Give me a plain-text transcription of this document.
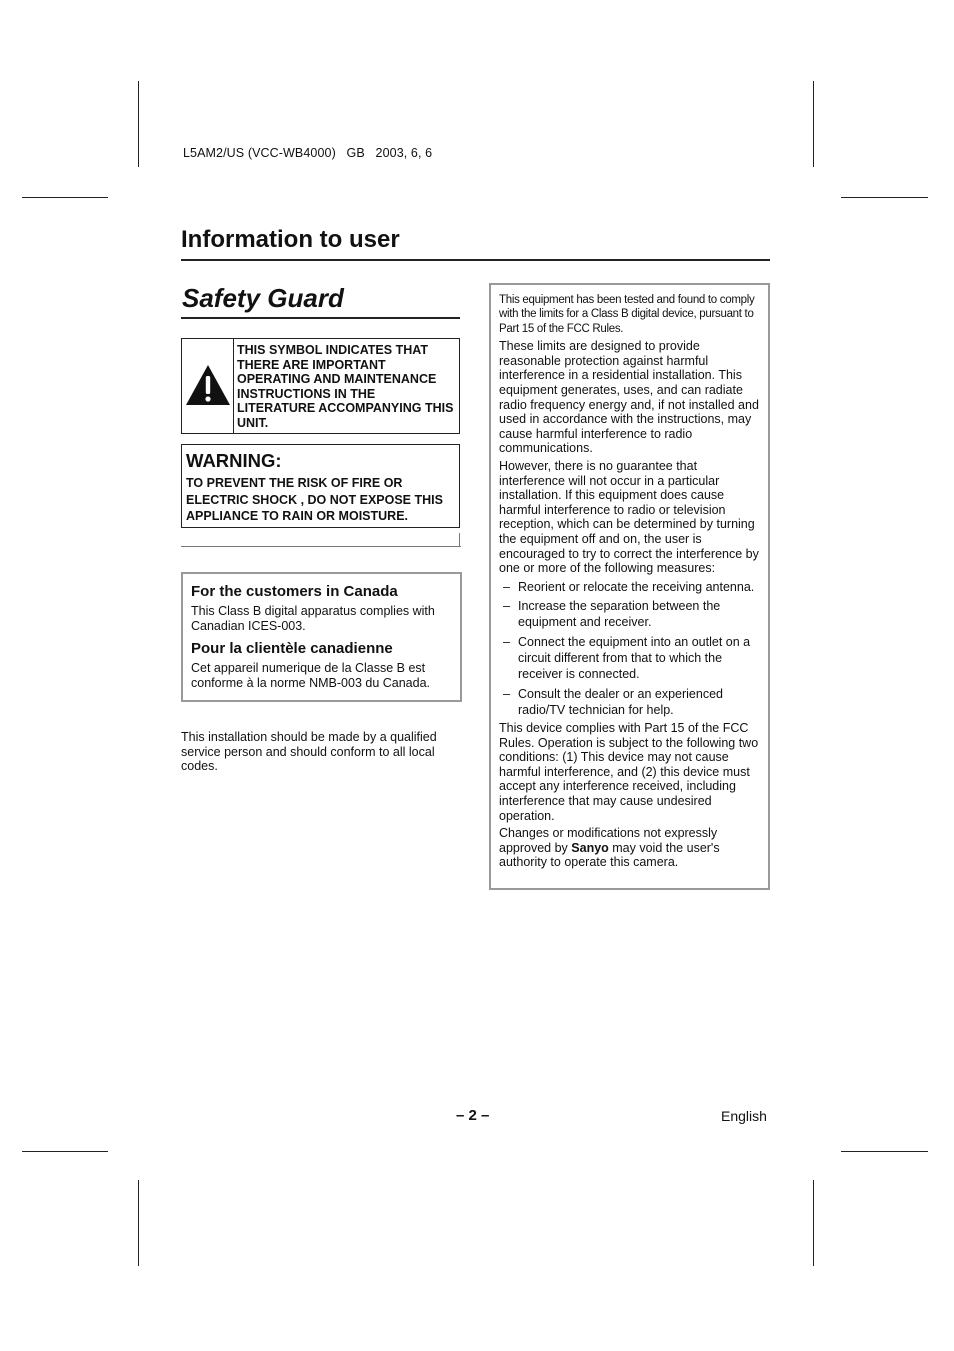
L5AM2/US (VCC-WB4000)   GB   2003, 6, 6
Information to user
Safety Guard
THIS SYMBOL INDICATES THAT THERE ARE IMPORTANT OPERATING AND MAINTENANCE INSTRUCTIONS IN THE LITERATURE ACCOMPANYING THIS UNIT.
WARNING:
TO PREVENT THE RISK OF FIRE OR ELECTRIC SHOCK , DO NOT EXPOSE THIS APPLIANCE TO RAIN OR MOISTURE.
For the customers in Canada
This Class B digital apparatus complies with Canadian ICES-003.
Pour la clientèle canadienne
Cet appareil numerique de la Classe B est conforme à la norme NMB-003 du Canada.
This installation should be made by a qualified service person and should conform to all local codes.

This equipment has been tested and found to comply with the limits for a Class B digital device, pursuant to Part 15 of the FCC Rules.

These limits are designed to provide reasonable protection against harmful interference in a residential installation. This equipment generates, uses, and can radiate radio frequency energy and, if not installed and used in accordance with the instructions, may cause harmful interference to radio communications.

However, there is no guarantee that interference will not occur in a particular installation. If this equipment does cause harmful interference to radio or television reception, which can be determined by turning the equipment off and on, the user is encouraged to try to correct the interference by one or more of the following measures:

– Reorient or relocate the receiving antenna.
– Increase the separation between the equipment and receiver.
– Connect the equipment into an outlet on a circuit different from that to which the receiver is connected.
– Consult the dealer or an experienced radio/TV technician for help.

This device complies with Part 15 of the FCC Rules. Operation is subject to the following two conditions: (1) This device may not cause harmful interference, and (2) this device must accept any interference received, including interference that may cause undesired operation.

Changes or modifications not expressly approved by Sanyo may void the user's authority to operate this camera.

– 2 –	English
